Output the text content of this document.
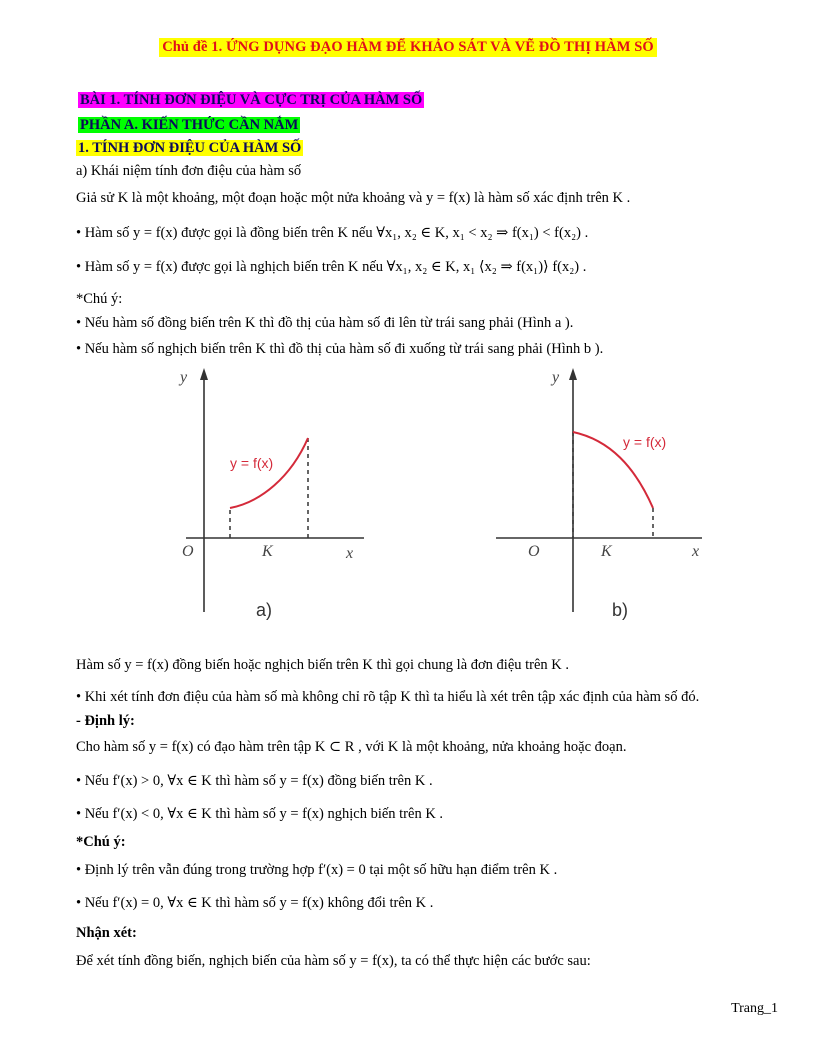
Chủ đề 1. ỨNG DỤNG ĐẠO HÀM ĐỂ KHẢO SÁT VÀ VẼ ĐỒ THỊ HÀM SỐ
BÀI 1. TÍNH ĐƠN ĐIỆU VÀ CỰC TRỊ CỦA HÀM SỐ
PHẦN A. KIẾN THỨC CẦN NẮM
1. TÍNH ĐƠN ĐIỆU CỦA HÀM SỐ
a) Khái niệm tính đơn điệu của hàm số
Giả sử K là một khoảng, một đoạn hoặc một nửa khoảng và y = f(x) là hàm số xác định trên K .
• Hàm số y = f(x) được gọi là đồng biến trên K nếu ∀x₁, x₂ ∈ K, x₁ < x₂ ⇒ f(x₁) < f(x₂) .
• Hàm số y = f(x) được gọi là nghịch biến trên K nếu ∀x₁, x₂ ∈ K, x₁ ⟨x₂ ⇒ f(x₁)⟩ f(x₂) .
*Chú ý:
• Nếu hàm số đồng biến trên K thì đồ thị của hàm số đi lên từ trái sang phải (Hình a ).
• Nếu hàm số nghịch biến trên K thì đồ thị của hàm số đi xuống từ trái sang phải (Hình b ).
y
x
O	K
y = f(x)
a)
y
x
O	K
y = f(x)
b)
Hàm số y = f(x) đồng biến hoặc nghịch biến trên K thì gọi chung là đơn điệu trên K .
• Khi xét tính đơn điệu của hàm số mà không chỉ rõ tập K thì ta hiểu là xét trên tập xác định của hàm số đó.
- Định lý:
Cho hàm số y = f(x) có đạo hàm trên tập K ⊂ R , với K là một khoảng, nửa khoảng hoặc đoạn.
• Nếu f′(x) > 0, ∀x ∈ K thì hàm số y = f(x) đồng biến trên K .
• Nếu f′(x) < 0, ∀x ∈ K thì hàm số y = f(x) nghịch biến trên K .
*Chú ý:
• Định lý trên vẫn đúng trong trường hợp f′(x) = 0 tại một số hữu hạn điểm trên K .
• Nếu f′(x) = 0, ∀x ∈ K thì hàm số y = f(x) không đổi trên K .
Nhận xét:
Để xét tính đồng biến, nghịch biến của hàm số y = f(x), ta có thể thực hiện các bước sau:
Trang_1
